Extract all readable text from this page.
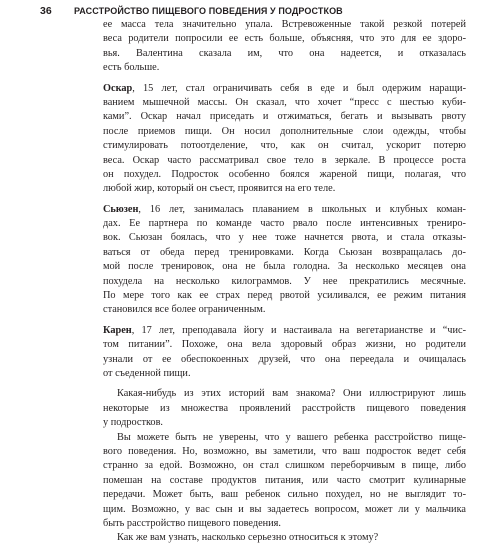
36 РАССТРОЙСТВО ПИЩЕВОГО ПОВЕДЕНИЯ У ПОДРОСТКОВ
ее масса тела значительно упала. Встревоженные такой резкой потерей
веса родители попросили ее есть больше, объясняя, что это для ее здоро-
вья. Валентина сказала им, что она надеется, и отказалась
есть больше.
Оскар, 15 лет, стал ограничивать себя в еде и был одержим наращи-
ванием мышечной массы. Он сказал, что хочет “пресс с шестью куби-
ками”. Оскар начал приседать и отжиматься, бегать и вызывать рвоту
после приемов пищи. Он носил дополнительные слои одежды, чтобы
стимулировать потоотделение, что, как он считал, ускорит потерю
веса. Оскар часто рассматривал свое тело в зеркале. В процессе роста
он похудел. Подросток особенно боялся жареной пищи, полагая, что
любой жир, который он съест, проявится на его теле.
Сьюзен, 16 лет, занималась плаванием в школьных и клубных коман-
дах. Ее партнера по команде часто рвало после интенсивных трениро-
вок. Сьюзан боялась, что у нее тоже начнется рвота, и стала отказы-
ваться от обеда перед тренировками. Когда Сьюзан возвращалась до-
мой после тренировок, она не была голодна. За несколько месяцев она
похудела на несколько килограммов. У нее прекратились месячные.
По мере того как ее страх перед рвотой усиливался, ее режим питания
становился все более ограниченным.
Карен, 17 лет, преподавала йогу и настаивала на вегетарианстве и “чис-
том питании”. Похоже, она вела здоровый образ жизни, но родители
узнали от ее обеспокоенных друзей, что она переедала и очищалась
от съеденной пищи.
Какая-нибудь из этих историй вам знакома? Они иллюстрируют лишь
некоторые из множества проявлений расстройств пищевого поведения
у подростков.
Вы можете быть не уверены, что у вашего ребенка расстройство пище-
вого поведения. Но, возможно, вы заметили, что ваш подросток ведет себя
странно за едой. Возможно, он стал слишком переборчивым в пище, либо
помешан на составе продуктов питания, или часто смотрит кулинарные
передачи. Может быть, ваш ребенок сильно похудел, но не выглядит то-
щим. Возможно, у вас сын и вы задаетесь вопросом, может ли у мальчика
быть расстройство пищевого поведения.
Как же вам узнать, насколько серьезно относиться к этому?
